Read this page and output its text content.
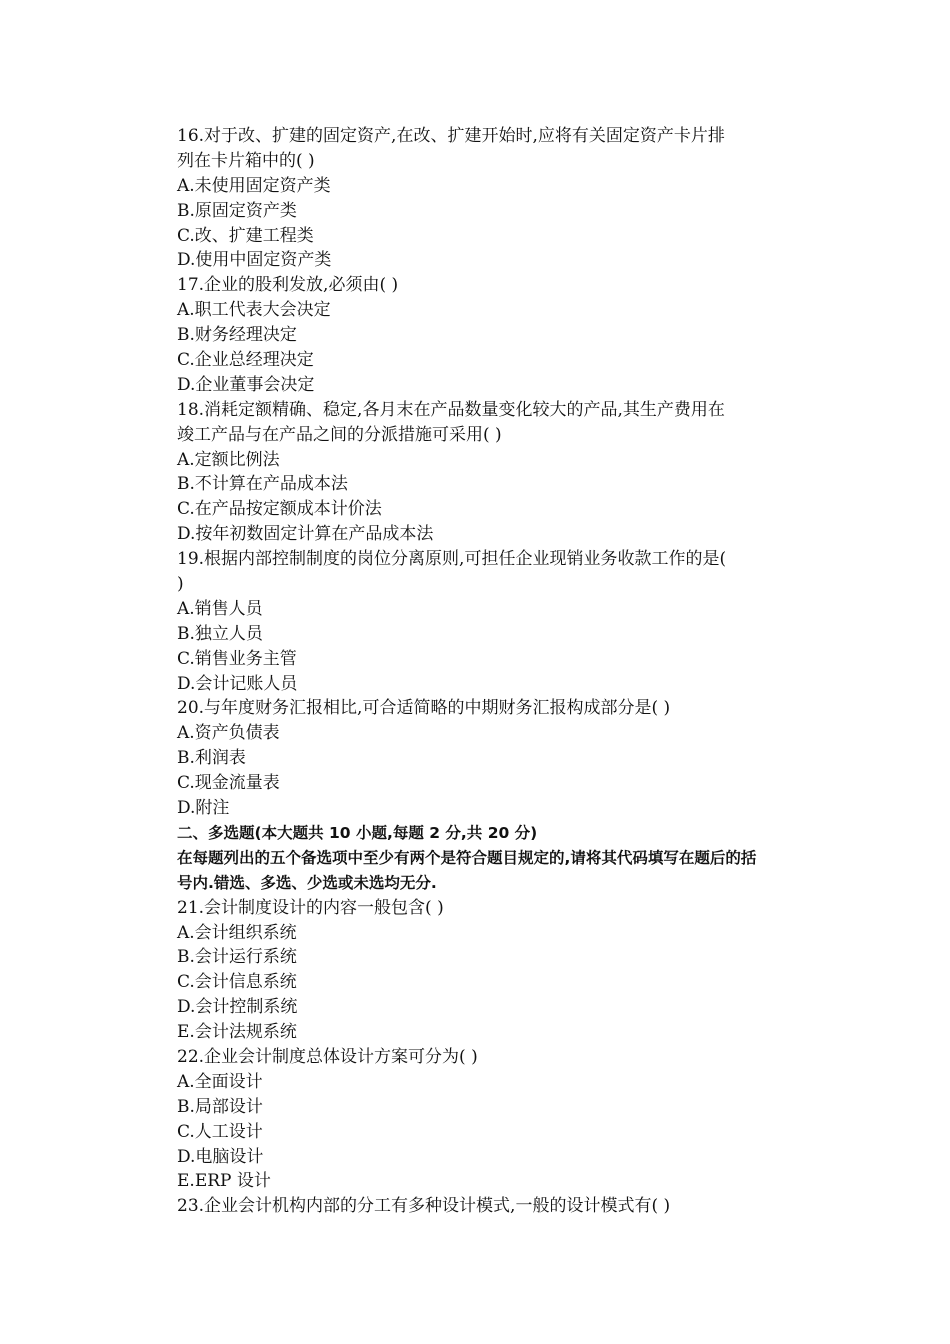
16.对于改、扩建的固定资产,在改、扩建开始时,应将有关固定资产卡片排
列在卡片箱中的( )
A.未使用固定资产类
B.原固定资产类
C.改、扩建工程类
D.使用中固定资产类
17.企业的股利发放,必须由( )
A.职工代表大会决定
B.财务经理决定
C.企业总经理决定
D.企业董事会决定
18.消耗定额精确、稳定,各月末在产品数量变化较大的产品,其生产费用在
竣工产品与在产品之间的分派措施可采用( )
A.定额比例法
B.不计算在产品成本法
C.在产品按定额成本计价法
D.按年初数固定计算在产品成本法
19.根据内部控制制度的岗位分离原则,可担任企业现销业务收款工作的是(
)
A.销售人员
B.独立人员
C.销售业务主管
D.会计记账人员
20.与年度财务汇报相比,可合适简略的中期财务汇报构成部分是( )
A.资产负债表
B.利润表
C.现金流量表
D.附注
二、多选题(本大题共 10 小题,每题 2 分,共 20 分)
在每题列出的五个备选项中至少有两个是符合题目规定的,请将其代码填写在题后的括
号内.错选、多选、少选或未选均无分.
21.会计制度设计的内容一般包含( )
A.会计组织系统
B.会计运行系统
C.会计信息系统
D.会计控制系统
E.会计法规系统
22.企业会计制度总体设计方案可分为( )
A.全面设计
B.局部设计
C.人工设计
D.电脑设计
E.ERP 设计
23.企业会计机构内部的分工有多种设计模式,一般的设计模式有( )
